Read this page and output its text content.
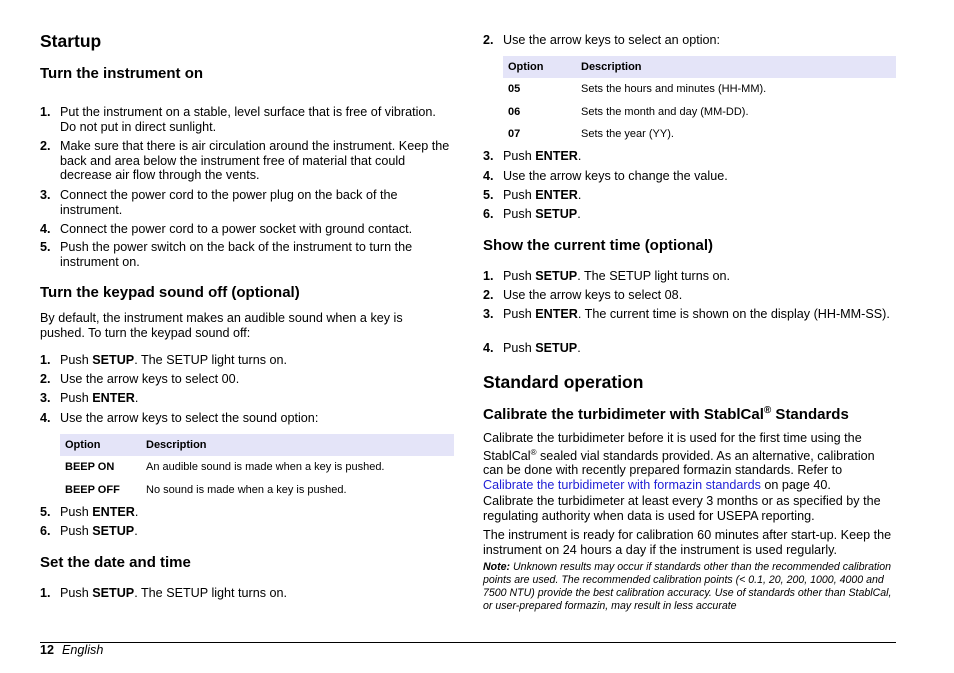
Startup
Turn the instrument on
1. Put the instrument on a stable, level surface that is free of vibration. Do not put in direct sunlight.
2. Make sure that there is air circulation around the instrument. Keep the back and area below the instrument free of material that could decrease air flow through the vents.
3. Connect the power cord to the power plug on the back of the instrument.
4. Connect the power cord to a power socket with ground contact.
5. Push the power switch on the back of the instrument to turn the instrument on.
Turn the keypad sound off (optional)

By default, the instrument makes an audible sound when a key is pushed. To turn the keypad sound off:

1. Push SETUP. The SETUP light turns on.
2. Use the arrow keys to select 00.
3. Push ENTER.
4. Use the arrow keys to select the sound option:
Option	Description
BEEP ON	An audible sound is made when a key is pushed.
BEEP OFF	No sound is made when a key is pushed.
5. Push ENTER.
6. Push SETUP.
Set the date and time
1. Push SETUP. The SETUP light turns on.
2. Use the arrow keys to select an option:
Option	Description
05	Sets the hours and minutes (HH-MM).
06	Sets the month and day (MM-DD).
07	Sets the year (YY).
3. Push ENTER.
4. Use the arrow keys to change the value.
5. Push ENTER.
6. Push SETUP.
Show the current time (optional)
1. Push SETUP. The SETUP light turns on.
2. Use the arrow keys to select 08.
3. Push ENTER. The current time is shown on the display (HH-MM-SS).
4. Push SETUP.
Standard operation
Calibrate the turbidimeter with StablCal® Standards

Calibrate the turbidimeter before it is used for the first time using the StablCal® sealed vial standards provided. As an alternative, calibration can be done with recently prepared formazin standards. Refer to Calibrate the turbidimeter with formazin standards on page 40.

Calibrate the turbidimeter at least every 3 months or as specified by the regulating authority when data is used for USEPA reporting.

The instrument is ready for calibration 60 minutes after start-up. Keep the instrument on 24 hours a day if the instrument is used regularly.

Note: Unknown results may occur if standards other than the recommended calibration points are used. The recommended calibration points (< 0.1, 20, 200, 1000, 4000 and 7500 NTU) provide the best calibration accuracy. Use of standards other than StablCal, or user-prepared formazin, may result in less accurate

12 English
